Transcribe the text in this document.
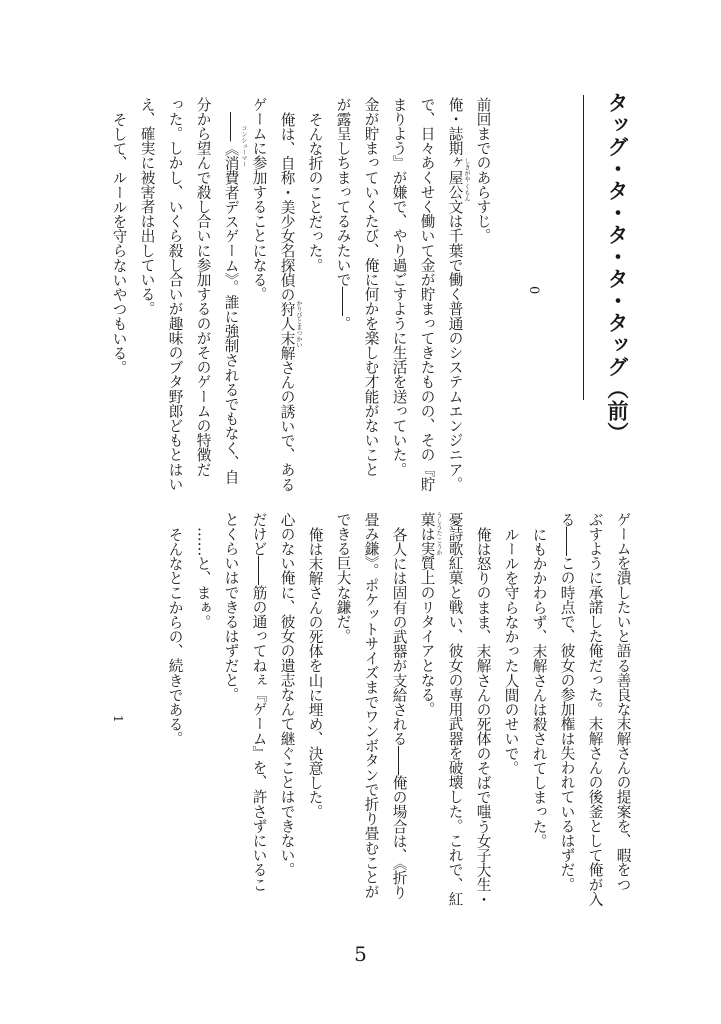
タッグ・タ・タ・タ・タッグ（前）
0
前回までのあらすじ。
俺・誌期ヶ屋公文は千葉で働く普通のシステムエンジニア。
で、日々あくせく働いて金が貯まってきたものの、その『貯
まりよう』が嫌で、やり過ごすように生活を送っていた。
金が貯まっていくたび、俺に何かを楽しむ才能がないこと
が露呈しちまってるみたいで――。
そんな折のことだった。
俺は、自称・美少女名探偵の狩人末解さんの誘いで、ある
ゲームに参加することになる。
――《消費者デスゲーム》。誰に強制されるでもなく、自
分から望んで殺し合いに参加するのがそのゲームの特徴だ
った。しかし、いくら殺し合いが趣味のブタ野郎どもとはい
え、確実に被害者は出している。
そして、ルールを守らないやつもいる。	しきがや くもん
かりびとまつかい
コンシューマー
1	ゲームを潰したいと語る善良な末解さんの提案を、暇をつ
ぶすように承諾した俺だった。末解さんの後釜として俺が入
る――この時点で、彼女の参加権は失われているはずだ。
にもかかわらず、末解さんは殺されてしまった。
ルールを守らなかった人間のせいで。
俺は怒りのまま、末解さんの死体のそばで嗤う女子大生・
憂詩歌紅菓と戦い、彼女の専用武器を破壊した。これで、紅
菓は実質上のリタイアとなる。
各人には固有の武器が支給される――俺の場合は、《折り
畳み鎌》。ポケットサイズまでワンボタンで折り畳むことが
できる巨大な鎌だ。
俺は末解さんの死体を山に埋め、決意した。
心のない俺に、彼女の遺志なんて継ぐことはできない。
だけど――筋の通ってねぇ『ゲーム』を、許さずにいるこ
とくらいはできるはずだと。
……と、まぁ。
そんなとこからの、続きである。	うしうた こうか
5
